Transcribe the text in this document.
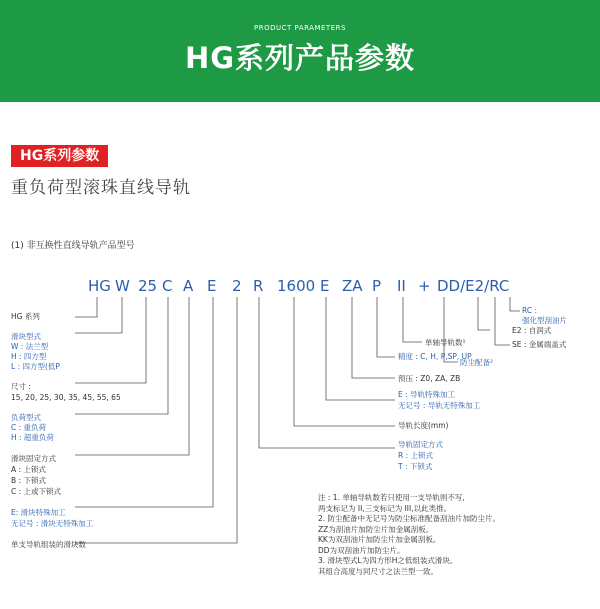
PRODUCT PARAMETERS
HG系列产品参数
HG系列参数
重负荷型滚珠直线导轨
(1) 非互换性直线导轨产品型号
HG W 25 C A E 2 R 1600 E ZA P II + DD/E2/RC
HG 系列
滑块型式
W : 法兰型
H : 四方型
L : 四方型(低P
尺寸 :
15, 20, 25, 30, 35, 45, 55, 65
负荷型式
C : 重负荷
H : 超重负荷
滑块固定方式
A : 上锁式
B : 下锁式
C : 上或下锁式
E: 滑块特殊加工
无记号 : 滑块无特殊加工
单支导轨组装的滑块数
RC :
强化型刮油片
E2 : 自润式
SE : 金属端盖式
单轴导轨数¹
防尘配备²
精度 : C, H, P,SP, UP
预压 : Z0, ZA, ZB
E : 导轨特殊加工
无记号 : 导轨无特殊加工
导轨长度(mm)
导轨固定方式
R : 上锁式
T : 下锁式
注 : 1. 单轴导轨数若只使用一支导轨则不写,
两支标记为 II,三支标记为 III,以此类推。
2. 防尘配备中无记号为防尘标准配备刮油片加防尘片。
ZZ为刮油片加防尘片加金属刮板。
KK为双刮油片加防尘片加金属刮板。
DD为双刮油片加防尘片。
3. 滑块型式L为四方形H之低组装式滑块,
其组合高度与同尺寸之法兰型一致。
